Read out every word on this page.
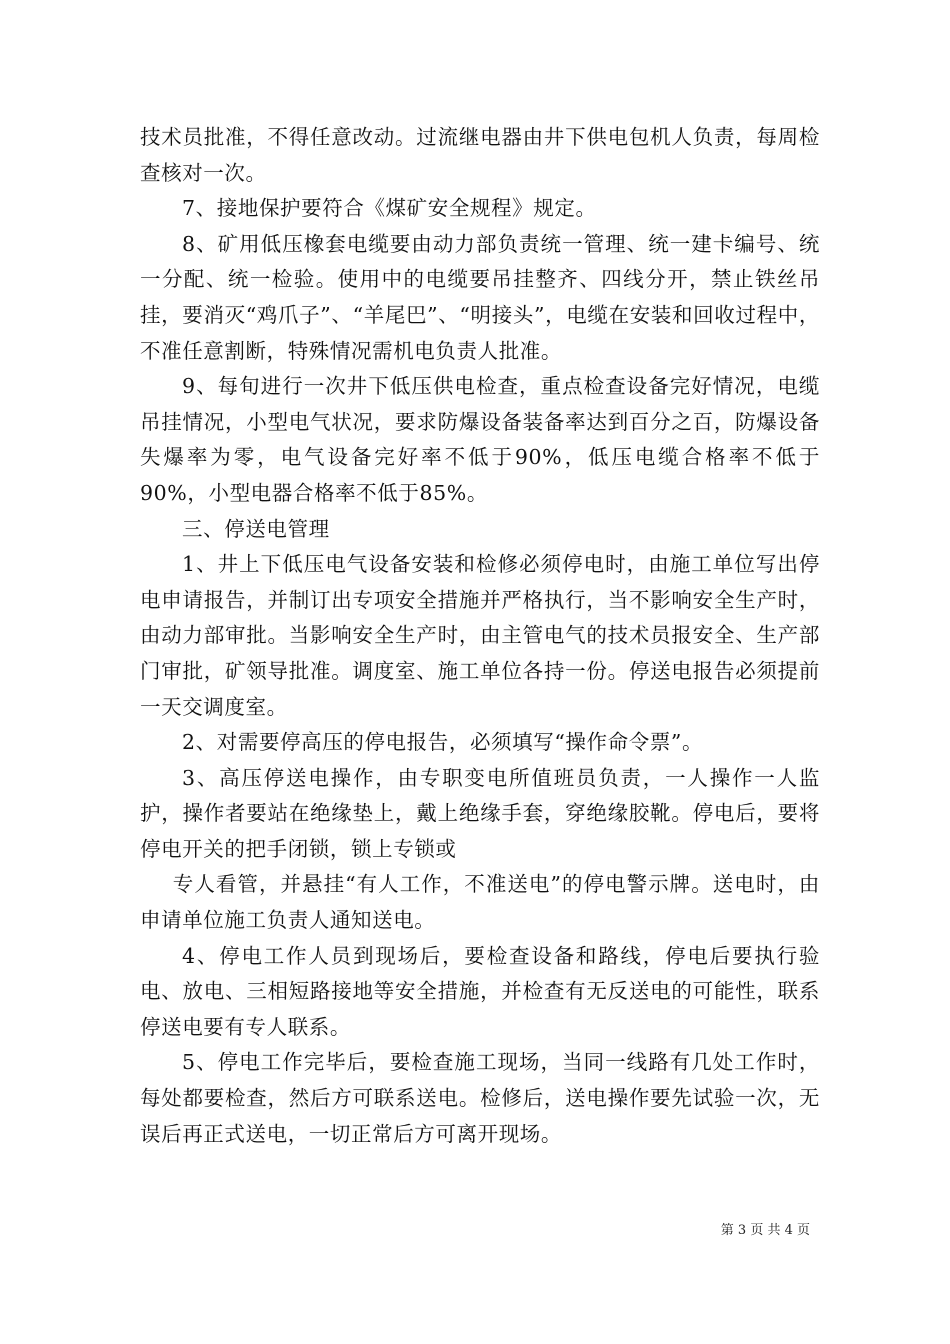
技术员批准，不得任意改动。过流继电器由井下供电包机人负责，每周检查核对一次。

7、接地保护要符合《煤矿安全规程》规定。

8、矿用低压橡套电缆要由动力部负责统一管理、统一建卡编号、统一分配、统一检验。使用中的电缆要吊挂整齐、四线分开，禁止铁丝吊挂，要消灭“鸡爪子”、“羊尾巴”、“明接头”，电缆在安装和回收过程中，不准任意割断，特殊情况需机电负责人批准。

9、每旬进行一次井下低压供电检查，重点检查设备完好情况，电缆吊挂情况，小型电气状况，要求防爆设备装备率达到百分之百，防爆设备失爆率为零，电气设备完好率不低于90%，低压电缆合格率不低于90%，小型电器合格率不低于85%。

三、停送电管理

1、井上下低压电气设备安装和检修必须停电时，由施工单位写出停电申请报告，并制订出专项安全措施并严格执行，当不影响安全生产时，由动力部审批。当影响安全生产时，由主管电气的技术员报安全、生产部门审批，矿领导批准。调度室、施工单位各持一份。停送电报告必须提前一天交调度室。

2、对需要停高压的停电报告，必须填写“操作命令票”。

3、高压停送电操作，由专职变电所值班员负责，一人操作一人监护，操作者要站在绝缘垫上，戴上绝缘手套，穿绝缘胶靴。停电后，要将停电开关的把手闭锁，锁上专锁或

专人看管，并悬挂“有人工作，不准送电”的停电警示牌。送电时，由申请单位施工负责人通知送电。

4、停电工作人员到现场后，要检查设备和路线，停电后要执行验电、放电、三相短路接地等安全措施，并检查有无反送电的可能性，联系停送电要有专人联系。

5、停电工作完毕后，要检查施工现场，当同一线路有几处工作时，每处都要检查，然后方可联系送电。检修后，送电操作要先试验一次，无误后再正式送电，一切正常后方可离开现场。

第 3 页 共 4 页
